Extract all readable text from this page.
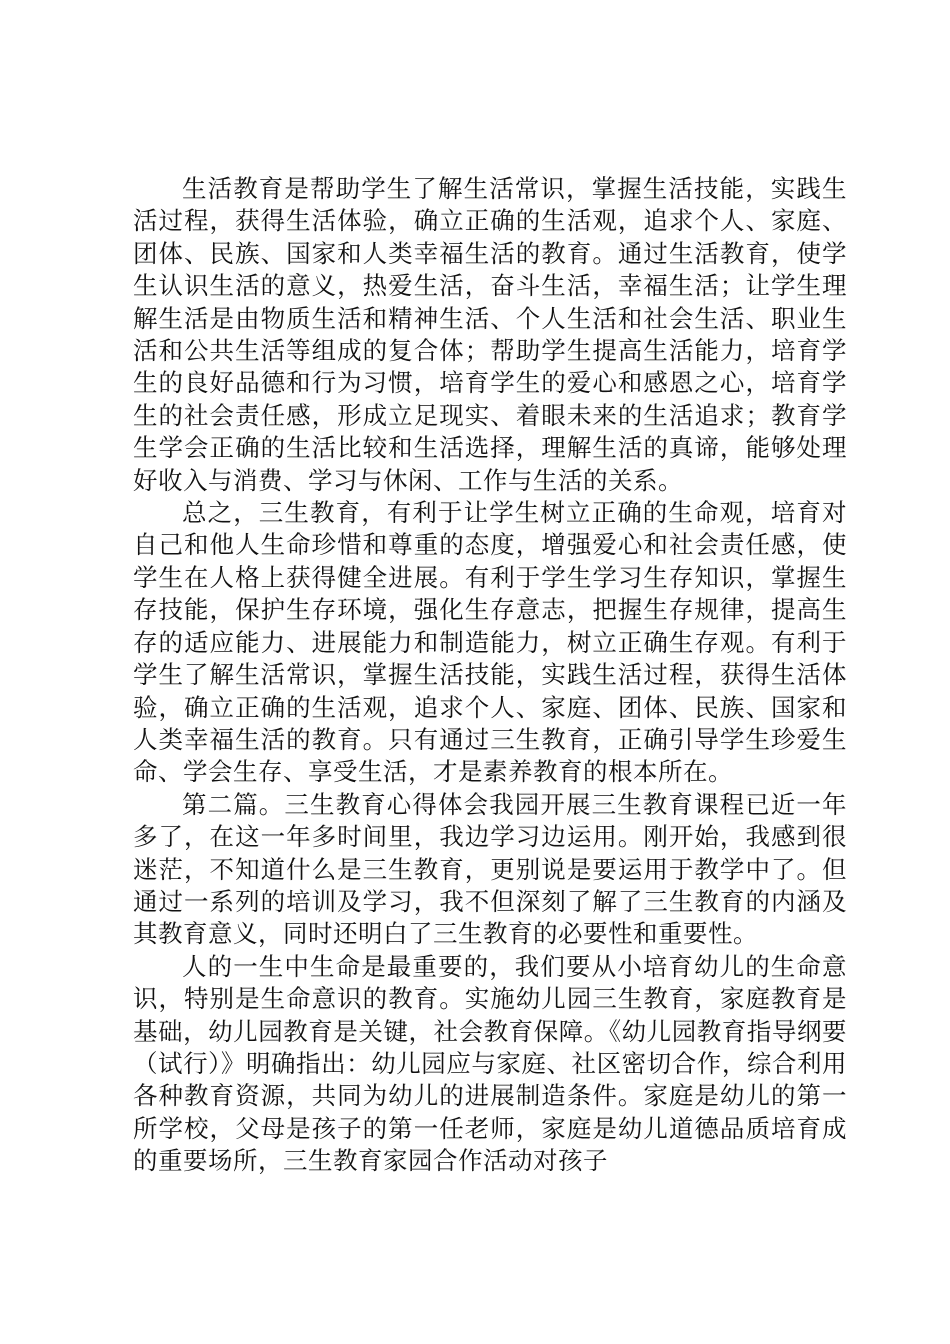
生活教育是帮助学生了解生活常识，掌握生活技能，实践生活过程，获得生活体验，确立正确的生活观，追求个人、家庭、团体、民族、国家和人类幸福生活的教育。通过生活教育，使学生认识生活的意义，热爱生活，奋斗生活，幸福生活；让学生理解生活是由物质生活和精神生活、个人生活和社会生活、职业生活和公共生活等组成的复合体；帮助学生提高生活能力，培育学生的良好品德和行为习惯，培育学生的爱心和感恩之心，培育学生的社会责任感，形成立足现实、着眼未来的生活追求；教育学生学会正确的生活比较和生活选择，理解生活的真谛，能够处理好收入与消费、学习与休闲、工作与生活的关系。

总之，三生教育，有利于让学生树立正确的生命观，培育对自己和他人生命珍惜和尊重的态度，增强爱心和社会责任感，使学生在人格上获得健全进展。有利于学生学习生存知识，掌握生存技能，保护生存环境，强化生存意志，把握生存规律，提高生存的适应能力、进展能力和制造能力，树立正确生存观。有利于学生了解生活常识，掌握生活技能，实践生活过程，获得生活体验，确立正确的生活观，追求个人、家庭、团体、民族、国家和人类幸福生活的教育。只有通过三生教育，正确引导学生珍爱生命、学会生存、享受生活，才是素养教育的根本所在。

第二篇。三生教育心得体会我园开展三生教育课程已近一年多了，在这一年多时间里，我边学习边运用。刚开始，我感到很迷茫，不知道什么是三生教育，更别说是要运用于教学中了。但通过一系列的培训及学习，我不但深刻了解了三生教育的内涵及其教育意义，同时还明白了三生教育的必要性和重要性。

人的一生中生命是最重要的，我们要从小培育幼儿的生命意识，特别是生命意识的教育。实施幼儿园三生教育，家庭教育是基础，幼儿园教育是关键，社会教育保障。《幼儿园教育指导纲要（试行）》明确指出：幼儿园应与家庭、社区密切合作，综合利用各种教育资源，共同为幼儿的进展制造条件。家庭是幼儿的第一所学校，父母是孩子的第一任老师，家庭是幼儿道德品质培育成的重要场所，三生教育家园合作活动对孩子
